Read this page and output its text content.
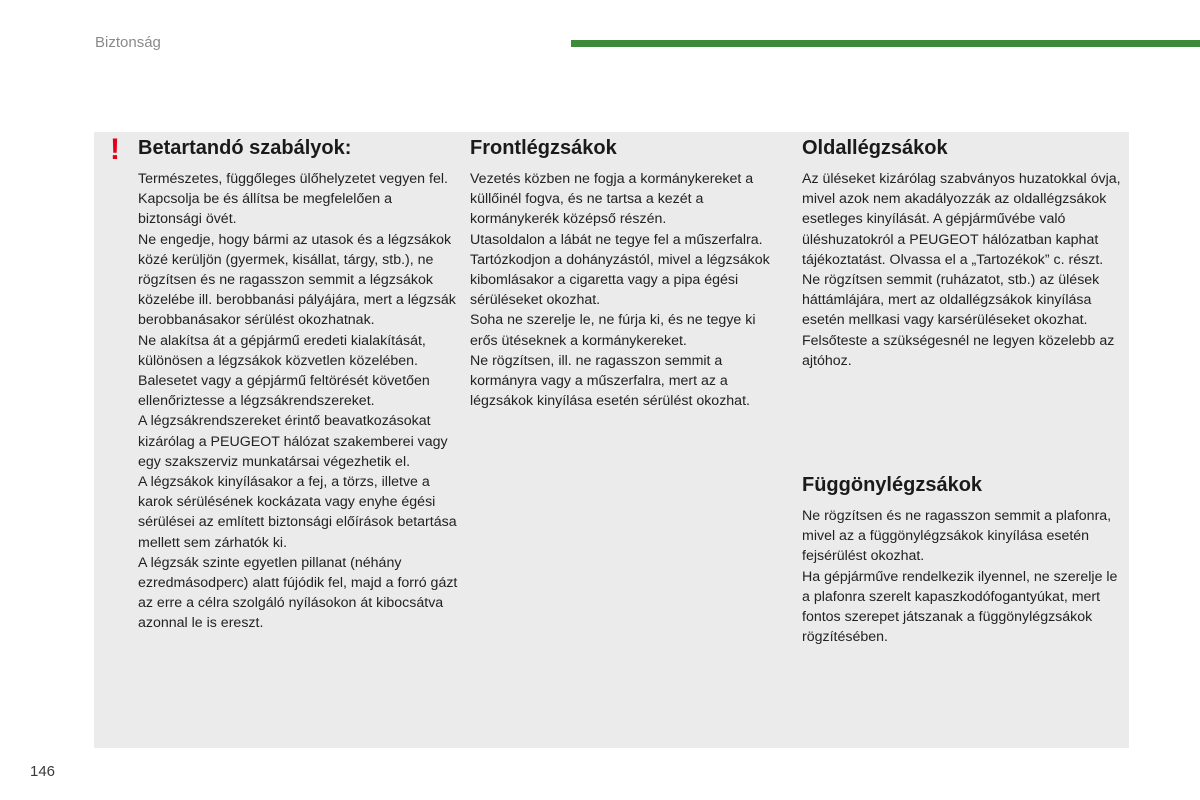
Biztonság
! Betartandó szabályok:

Természetes, függőleges ülőhelyzetet vegyen fel.

Kapcsolja be és állítsa be megfelelően a biztonsági övét.

Ne engedje, hogy bármi az utasok és a légzsákok közé kerüljön (gyermek, kisállat, tárgy, stb.), ne rögzítsen és ne ragasszon semmit a légzsákok közelébe ill. berobbanási pályájára, mert a légzsák berobbanásakor sérülést okozhatnak.

Ne alakítsa át a gépjármű eredeti kialakítását, különösen a légzsákok közvetlen közelében.

Balesetet vagy a gépjármű feltörését követően ellenőriztesse a légzsákrendszereket.

A légzsákrendszereket érintő beavatkozásokat kizárólag a PEUGEOT hálózat szakemberei vagy egy szakszerviz munkatársai végezhetik el.

A légzsákok kinyílásakor a fej, a törzs, illetve a karok sérülésének kockázata vagy enyhe égési sérülései az említett biztonsági előírások betartása mellett sem zárhatók ki.

A légzsák szinte egyetlen pillanat (néhány ezredmásodperc) alatt fújódik fel, majd a forró gázt az erre a célra szolgáló nyílásokon át kibocsátva azonnal le is ereszt.

Frontlégzsákok

Vezetés közben ne fogja a kormánykereket a küllőinél fogva, és ne tartsa a kezét a kormánykerék középső részén.

Utasoldalon a lábát ne tegye fel a műszerfalra.

Tartózkodjon a dohányzástól, mivel a légzsákok kibomlásakor a cigaretta vagy a pipa égési sérüléseket okozhat.

Soha ne szerelje le, ne fúrja ki, és ne tegye ki erős ütéseknek a kormánykereket.

Ne rögzítsen, ill. ne ragasszon semmit a kormányra vagy a műszerfalra, mert az a légzsákok kinyílása esetén sérülést okozhat.

Oldallégzsákok

Az üléseket kizárólag szabványos huzatokkal óvja, mivel azok nem akadályozzák az oldallégzsákok esetleges kinyílását. A gépjárművébe való üléshuzatokról a PEUGEOT hálózatban kaphat tájékoztatást. Olvassa el a „Tartozékok” c. részt.

Ne rögzítsen semmit (ruházatot, stb.) az ülések háttámlájára, mert az oldallégzsákok kinyílása esetén mellkasi vagy karsérüléseket okozhat.

Felsőteste a szükségesnél ne legyen közelebb az ajtóhoz.

Függönylégzsákok

Ne rögzítsen és ne ragasszon semmit a plafonra, mivel az a függönylégzsákok kinyílása esetén fejsérülést okozhat.

Ha gépjárműve rendelkezik ilyennel, ne szerelje le a plafonra szerelt kapaszkodófogantyúkat, mert fontos szerepet játszanak a függönylégzsákok rögzítésében.

146
